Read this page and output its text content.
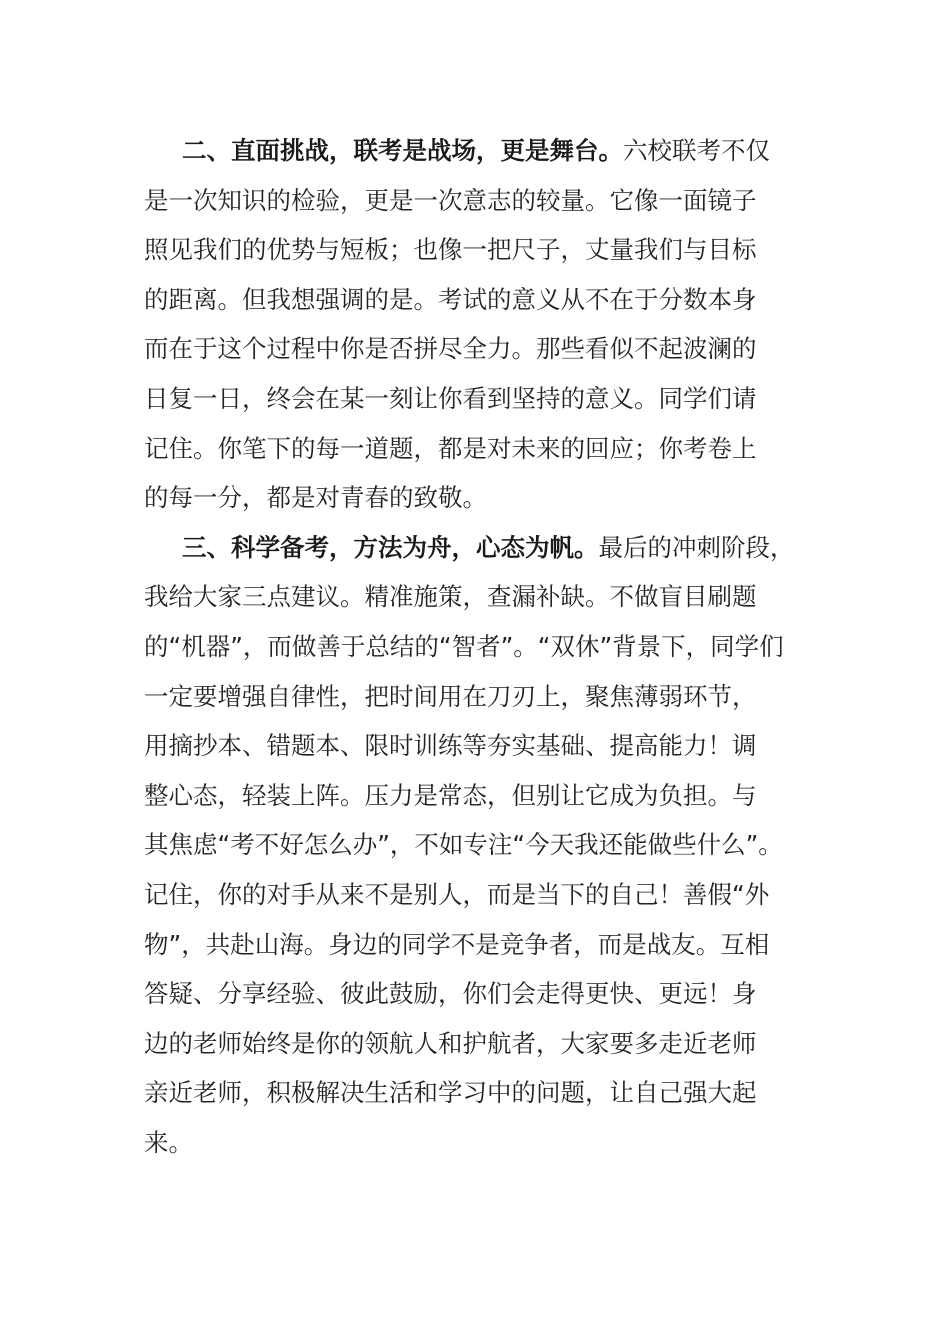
二、直面挑战，联考是战场，更是舞台。六校联考不仅
是一次知识的检验，更是一次意志的较量。它像一面镜子
照见我们的优势与短板；也像一把尺子，丈量我们与目标
的距离。但我想强调的是。考试的意义从不在于分数本身
而在于这个过程中你是否拼尽全力。那些看似不起波澜的
日复一日，终会在某一刻让你看到坚持的意义。同学们请
记住。你笔下的每一道题，都是对未来的回应；你考卷上
的每一分，都是对青春的致敬。
三、科学备考，方法为舟，心态为帆。最后的冲刺阶段，
我给大家三点建议。精准施策，查漏补缺。不做盲目刷题
的“机器”，而做善于总结的“智者”。“双休”背景下，同学们
一定要增强自律性，把时间用在刀刃上，聚焦薄弱环节，
用摘抄本、错题本、限时训练等夯实基础、提高能力！调
整心态，轻装上阵。压力是常态，但别让它成为负担。与
其焦虑“考不好怎么办”，不如专注“今天我还能做些什么”。
记住，你的对手从来不是别人，而是当下的自己！善假“外
物”，共赴山海。身边的同学不是竞争者，而是战友。互相
答疑、分享经验、彼此鼓励，你们会走得更快、更远！身
边的老师始终是你的领航人和护航者，大家要多走近老师
亲近老师，积极解决生活和学习中的问题，让自己强大起
来。
